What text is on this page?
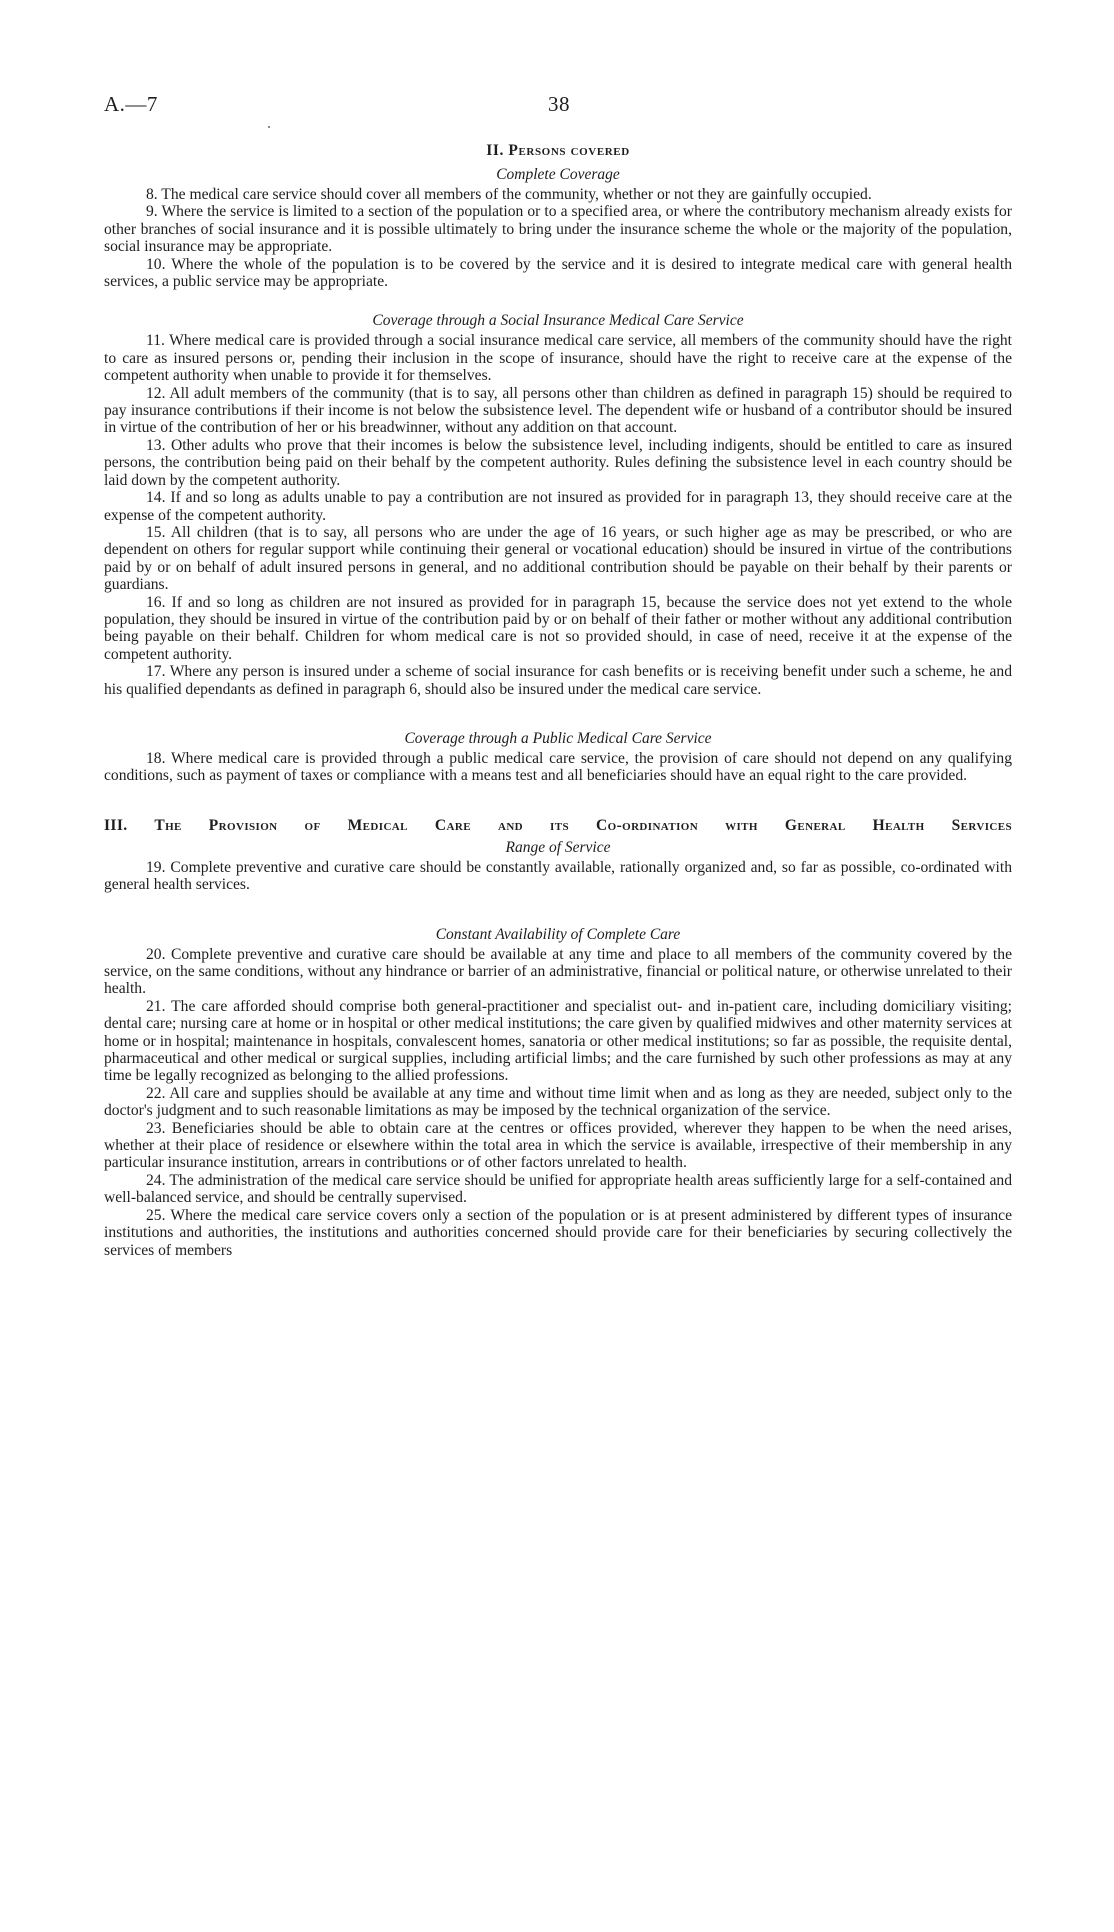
A.—7	38
II. Persons covered
Complete Coverage

8. The medical care service should cover all members of the community, whether or not they are gainfully occupied.

9. Where the service is limited to a section of the population or to a specified area, or where the contributory mechanism already exists for other branches of social insurance and it is possible ultimately to bring under the insurance scheme the whole or the majority of the population, social insurance may be appropriate.

10. Where the whole of the population is to be covered by the service and it is desired to integrate medical care with general health services, a public service may be appropriate.

Coverage through a Social Insurance Medical Care Service

11. Where medical care is provided through a social insurance medical care service, all members of the community should have the right to care as insured persons or, pending their inclusion in the scope of insurance, should have the right to receive care at the expense of the competent authority when unable to provide it for themselves.

12. All adult members of the community (that is to say, all persons other than children as defined in paragraph 15) should be required to pay insurance contributions if their income is not below the subsistence level. The dependent wife or husband of a contributor should be insured in virtue of the contribution of her or his breadwinner, without any addition on that account.

13. Other adults who prove that their incomes is below the subsistence level, including indigents, should be entitled to care as insured persons, the contribution being paid on their behalf by the competent authority. Rules defining the subsistence level in each country should be laid down by the competent authority.

14. If and so long as adults unable to pay a contribution are not insured as provided for in paragraph 13, they should receive care at the expense of the competent authority.

15. All children (that is to say, all persons who are under the age of 16 years, or such higher age as may be prescribed, or who are dependent on others for regular support while continuing their general or vocational education) should be insured in virtue of the contributions paid by or on behalf of adult insured persons in general, and no additional contribution should be payable on their behalf by their parents or guardians.

16. If and so long as children are not insured as provided for in paragraph 15, because the service does not yet extend to the whole population, they should be insured in virtue of the contribution paid by or on behalf of their father or mother without any additional contribution being payable on their behalf. Children for whom medical care is not so provided should, in case of need, receive it at the expense of the competent authority.

17. Where any person is insured under a scheme of social insurance for cash benefits or is receiving benefit under such a scheme, he and his qualified dependants as defined in paragraph 6, should also be insured under the medical care service.

Coverage through a Public Medical Care Service

18. Where medical care is provided through a public medical care service, the provision of care should not depend on any qualifying conditions, such as payment of taxes or compliance with a means test and all beneficiaries should have an equal right to the care provided.

III. The Provision of Medical Care and its Co-ordination with General Health Services
Range of Service

19. Complete preventive and curative care should be constantly available, rationally organized and, so far as possible, co-ordinated with general health services.

Constant Availability of Complete Care

20. Complete preventive and curative care should be available at any time and place to all members of the community covered by the service, on the same conditions, without any hindrance or barrier of an administrative, financial or political nature, or otherwise unrelated to their health.

21. The care afforded should comprise both general-practitioner and specialist out- and in-patient care, including domiciliary visiting; dental care; nursing care at home or in hospital or other medical institutions; the care given by qualified midwives and other maternity services at home or in hospital; maintenance in hospitals, convalescent homes, sanatoria or other medical institutions; so far as possible, the requisite dental, pharmaceutical and other medical or surgical supplies, including artificial limbs; and the care furnished by such other professions as may at any time be legally recognized as belonging to the allied professions.

22. All care and supplies should be available at any time and without time limit when and as long as they are needed, subject only to the doctor's judgment and to such reasonable limitations as may be imposed by the technical organization of the service.

23. Beneficiaries should be able to obtain care at the centres or offices provided, wherever they happen to be when the need arises, whether at their place of residence or elsewhere within the total area in which the service is available, irrespective of their membership in any particular insurance institution, arrears in contributions or of other factors unrelated to health.

24. The administration of the medical care service should be unified for appropriate health areas sufficiently large for a self-contained and well-balanced service, and should be centrally supervised.

25. Where the medical care service covers only a section of the population or is at present administered by different types of insurance institutions and authorities, the institutions and authorities concerned should provide care for their beneficiaries by securing collectively the services of members
